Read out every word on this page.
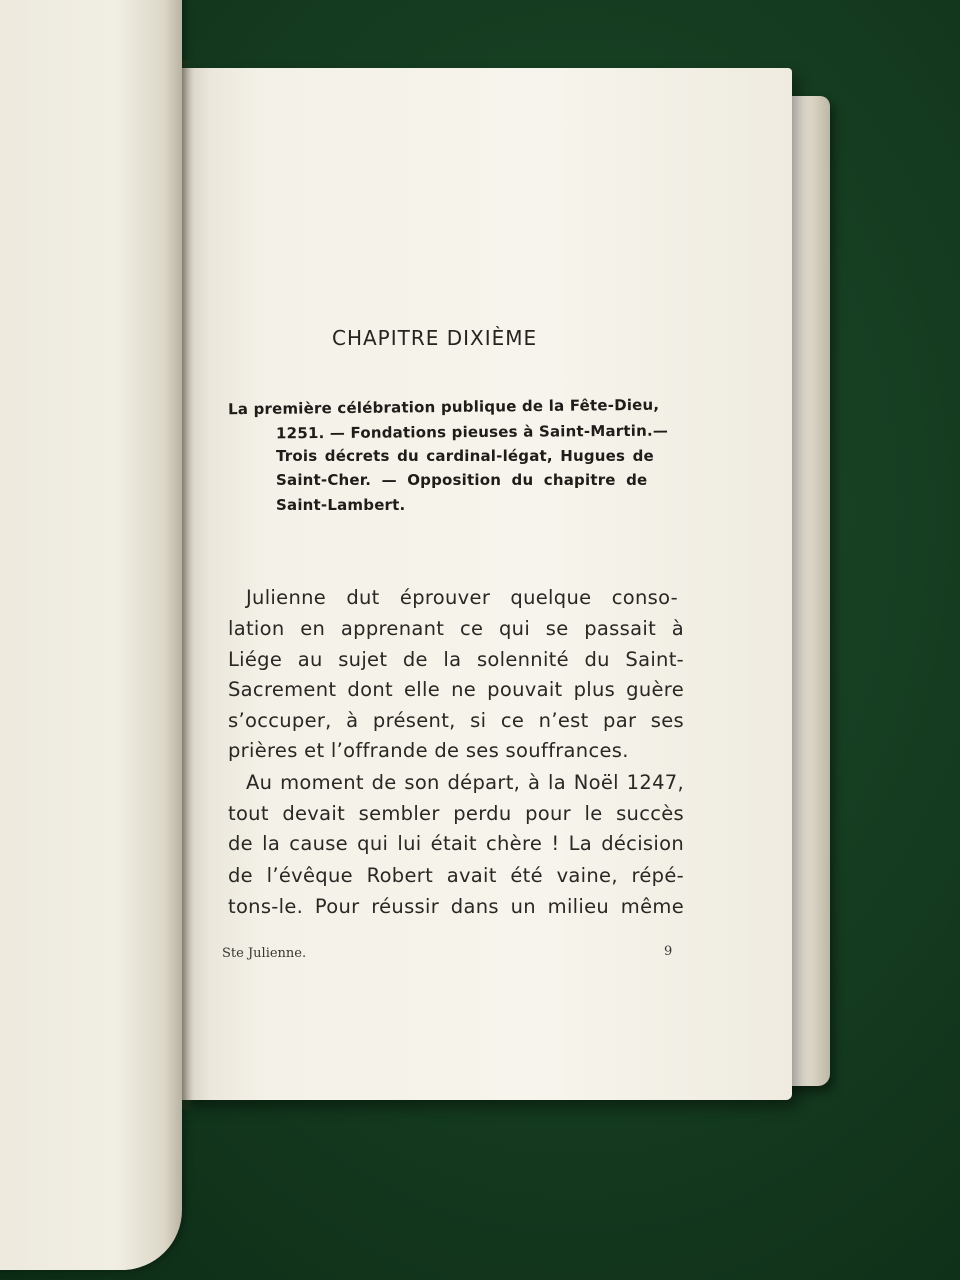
CHAPITRE DIXIÈME
La première célébration publique de la Fête-Dieu,
1251. — Fondations pieuses à Saint-Martin.—
Trois décrets du cardinal-légat, Hugues de
Saint-Cher. — Opposition du chapitre de
Saint-Lambert.
Julienne dut éprouver quelque conso-
lation en apprenant ce qui se passait à
Liége au sujet de la solennité du Saint-
Sacrement dont elle ne pouvait plus guère
s’occuper, à présent, si ce n’est par ses
prières et l’offrande de ses souffrances.
Au moment de son départ, à la Noël 1247,
tout devait sembler perdu pour le succès
de la cause qui lui était chère ! La décision
de l’évêque Robert avait été vaine, répé-
tons-le. Pour réussir dans un milieu même
Ste Julienne.	9
